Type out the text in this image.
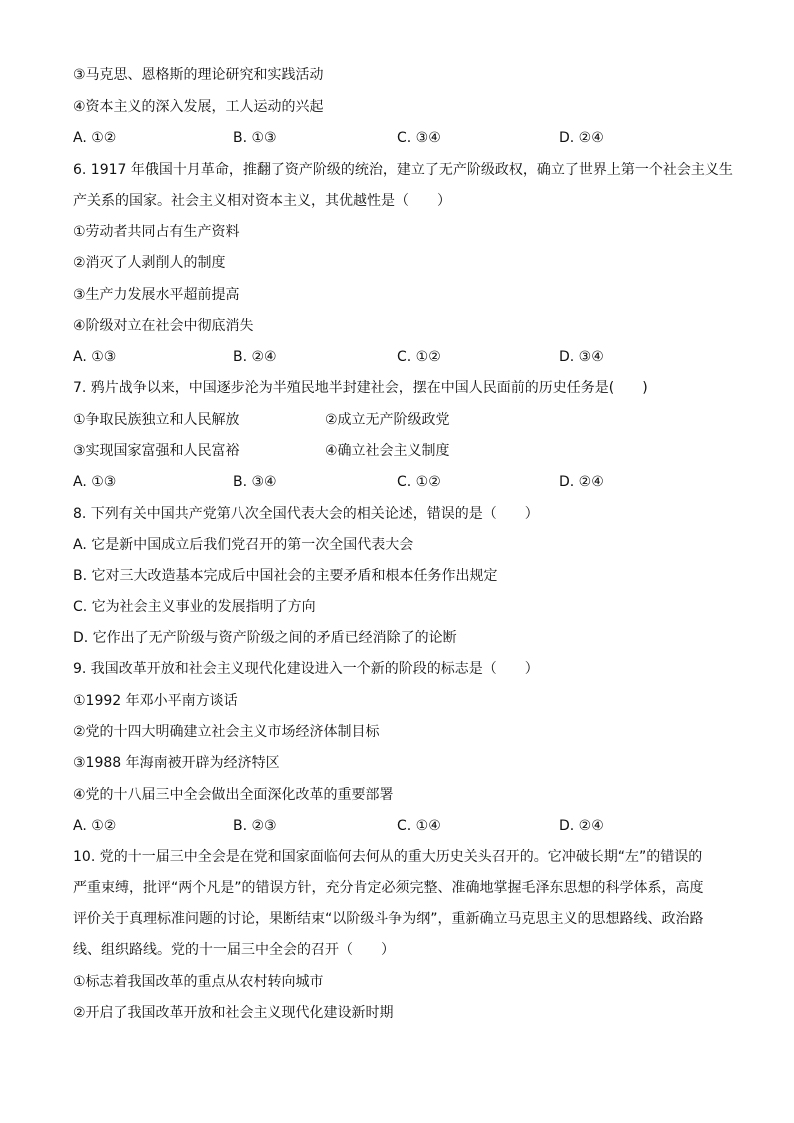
③马克思、恩格斯的理论研究和实践活动
④资本主义的深入发展，工人运动的兴起
A. ①②	B. ①③	C. ③④	D. ②④
6. 1917 年俄国十月革命，推翻了资产阶级的统治，建立了无产阶级政权，确立了世界上第一个社会主义生
产关系的国家。社会主义相对资本主义，其优越性是（　　）
①劳动者共同占有生产资料
②消灭了人剥削人的制度
③生产力发展水平超前提高
④阶级对立在社会中彻底消失
A. ①③	B. ②④	C. ①②	D. ③④
7. 鸦片战争以来，中国逐步沦为半殖民地半封建社会，摆在中国人民面前的历史任务是(　　)
①争取民族独立和人民解放	②成立无产阶级政党
③实现国家富强和人民富裕	④确立社会主义制度
A. ①③	B. ③④	C. ①②	D. ②④
8. 下列有关中国共产党第八次全国代表大会的相关论述，错误的是（　　）
A. 它是新中国成立后我们党召开的第一次全国代表大会
B. 它对三大改造基本完成后中国社会的主要矛盾和根本任务作出规定
C. 它为社会主义事业的发展指明了方向
D. 它作出了无产阶级与资产阶级之间的矛盾已经消除了的论断
9. 我国改革开放和社会主义现代化建设进入一个新的阶段的标志是（　　）
①1992 年邓小平南方谈话
②党的十四大明确建立社会主义市场经济体制目标
③1988 年海南被开辟为经济特区
④党的十八届三中全会做出全面深化改革的重要部署
A. ①②	B. ②③	C. ①④	D. ②④
10. 党的十一届三中全会是在党和国家面临何去何从的重大历史关头召开的。它冲破长期“左”的错误的
严重束缚，批评“两个凡是”的错误方针，充分肯定必须完整、准确地掌握毛泽东思想的科学体系，高度
评价关于真理标准问题的讨论，果断结束“以阶级斗争为纲”，重新确立马克思主义的思想路线、政治路
线、组织路线。党的十一届三中全会的召开（　　）
①标志着我国改革的重点从农村转向城市
②开启了我国改革开放和社会主义现代化建设新时期
